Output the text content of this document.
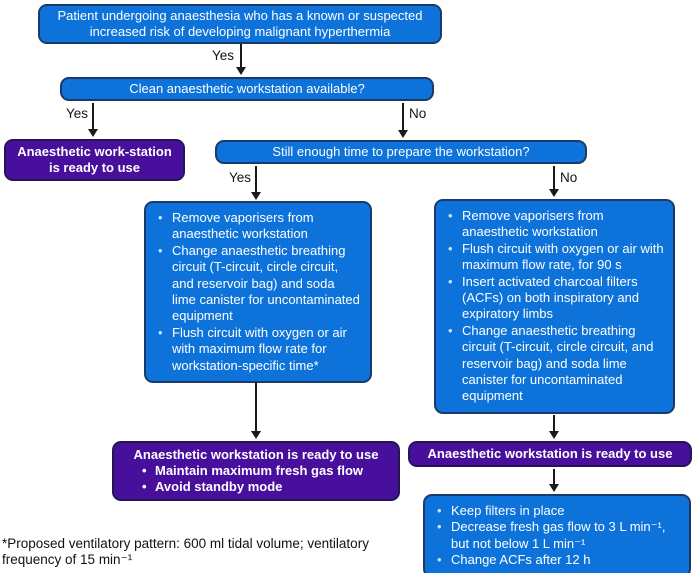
Patient undergoing anaesthesia who has a known or suspected increased risk of developing malignant hyperthermia
Yes
Clean anaesthetic workstation available?
Yes	No
Anaesthetic work-station is ready to use
Still enough time to prepare the workstation?
Yes	No
• Remove vaporisers from anaesthetic workstation
• Change anaesthetic breathing circuit (T-circuit, circle circuit, and reservoir bag) and soda lime canister for uncontaminated equipment
• Flush circuit with oxygen or air with maximum flow rate for workstation-specific time*
• Remove vaporisers from anaesthetic workstation
• Flush circuit with oxygen or air with maximum flow rate, for 90 s
• Insert activated charcoal filters (ACFs) on both inspiratory and expiratory limbs
• Change anaesthetic breathing circuit (T-circuit, circle circuit, and reservoir bag) and soda lime canister for uncontaminated equipment
Anaesthetic workstation is ready to use
• Maintain maximum fresh gas flow
• Avoid standby mode
Anaesthetic workstation is ready to use
• Keep filters in place
• Decrease fresh gas flow to 3 L min⁻¹, but not below 1 L min⁻¹
• Change ACFs after 12 h
*Proposed ventilatory pattern: 600 ml tidal volume; ventilatory frequency of 15 min⁻¹
